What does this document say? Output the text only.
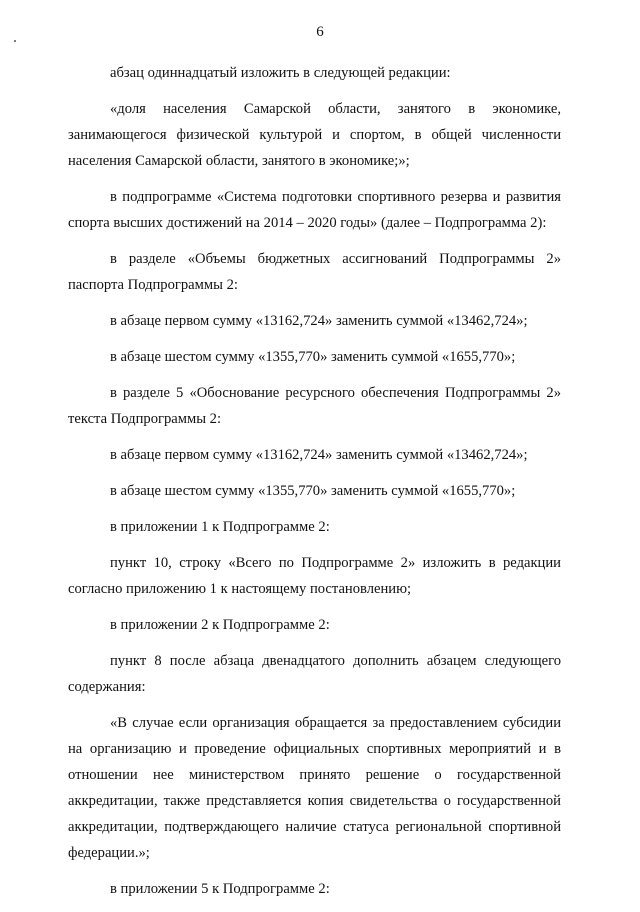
6

абзац одиннадцатый изложить в следующей редакции:

«доля населения Самарской области, занятого в экономике, занимающегося физической культурой и спортом, в общей численности населения Самарской области, занятого в экономике;»;

в подпрограмме «Система подготовки спортивного резерва и развития спорта высших достижений на 2014 – 2020 годы» (далее – Подпрограмма 2):

в разделе «Объемы бюджетных ассигнований Подпрограммы 2» паспорта Подпрограммы 2:

в абзаце первом сумму «13162,724» заменить суммой «13462,724»;

в абзаце шестом сумму «1355,770» заменить суммой «1655,770»;

в разделе 5 «Обоснование ресурсного обеспечения Подпрограммы 2» текста Подпрограммы 2:

в абзаце первом сумму «13162,724» заменить суммой «13462,724»;

в абзаце шестом сумму «1355,770» заменить суммой «1655,770»;

в приложении 1 к Подпрограмме 2:

пункт 10, строку «Всего по Подпрограмме 2» изложить в редакции согласно приложению 1 к настоящему постановлению;

в приложении 2 к Подпрограмме 2:

пункт 8 после абзаца двенадцатого дополнить абзацем следующего содержания:

«В случае если организация обращается за предоставлением субсидии на организацию и проведение официальных спортивных мероприятий и в отношении нее министерством принято решение о государственной аккредитации, также представляется копия свидетельства о государственной аккредитации, подтверждающего наличие статуса региональной спортивной федерации.»;

в приложении 5 к Подпрограмме 2:
